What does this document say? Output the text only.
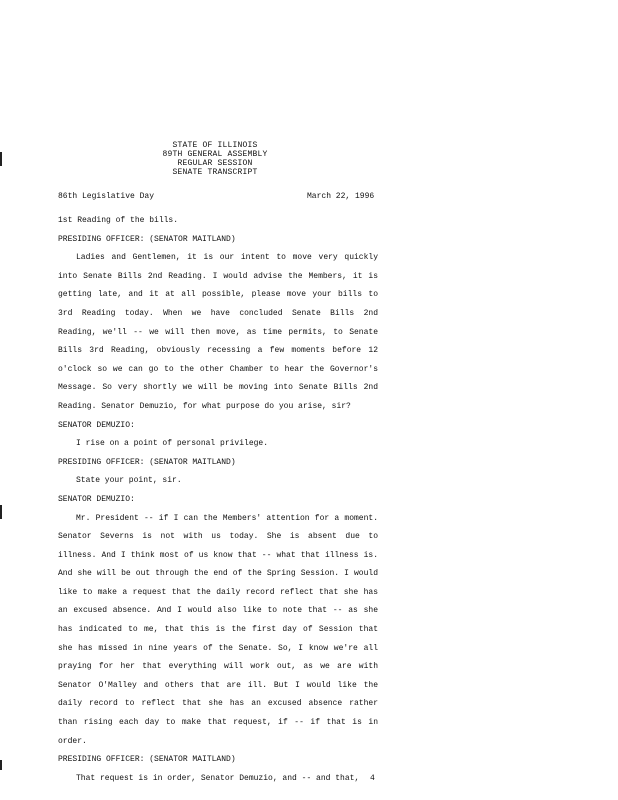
STATE OF ILLINOIS
89TH GENERAL ASSEMBLY
REGULAR SESSION
SENATE TRANSCRIPT
86th Legislative Day	March 22, 1996

1st Reading of the bills.

PRESIDING OFFICER: (SENATOR MAITLAND)

Ladies and Gentlemen, it is our intent to move very quickly into Senate Bills 2nd Reading. I would advise the Members, it is getting late, and it at all possible, please move your bills to 3rd Reading today. When we have concluded Senate Bills 2nd Reading, we'll -- we will then move, as time permits, to Senate Bills 3rd Reading, obviously recessing a few moments before 12 o'clock so we can go to the other Chamber to hear the Governor's Message. So very shortly we will be moving into Senate Bills 2nd Reading. Senator Demuzio, for what purpose do you arise, sir?

SENATOR DEMUZIO:

I rise on a point of personal privilege.

PRESIDING OFFICER: (SENATOR MAITLAND)

State your point, sir.

SENATOR DEMUZIO:

Mr. President -- if I can the Members' attention for a moment. Senator Severns is not with us today. She is absent due to illness. And I think most of us know that -- what that illness is. And she will be out through the end of the Spring Session. I would like to make a request that the daily record reflect that she has an excused absence. And I would also like to note that -- as she has indicated to me, that this is the first day of Session that she has missed in nine years of the Senate. So, I know we're all praying for her that everything will work out, as we are with Senator O'Malley and others that are ill. But I would like the daily record to reflect that she has an excused absence rather than rising each day to make that request, if -- if that is in order.

PRESIDING OFFICER: (SENATOR MAITLAND)

That request is in order, Senator Demuzio, and -- and that,	4
